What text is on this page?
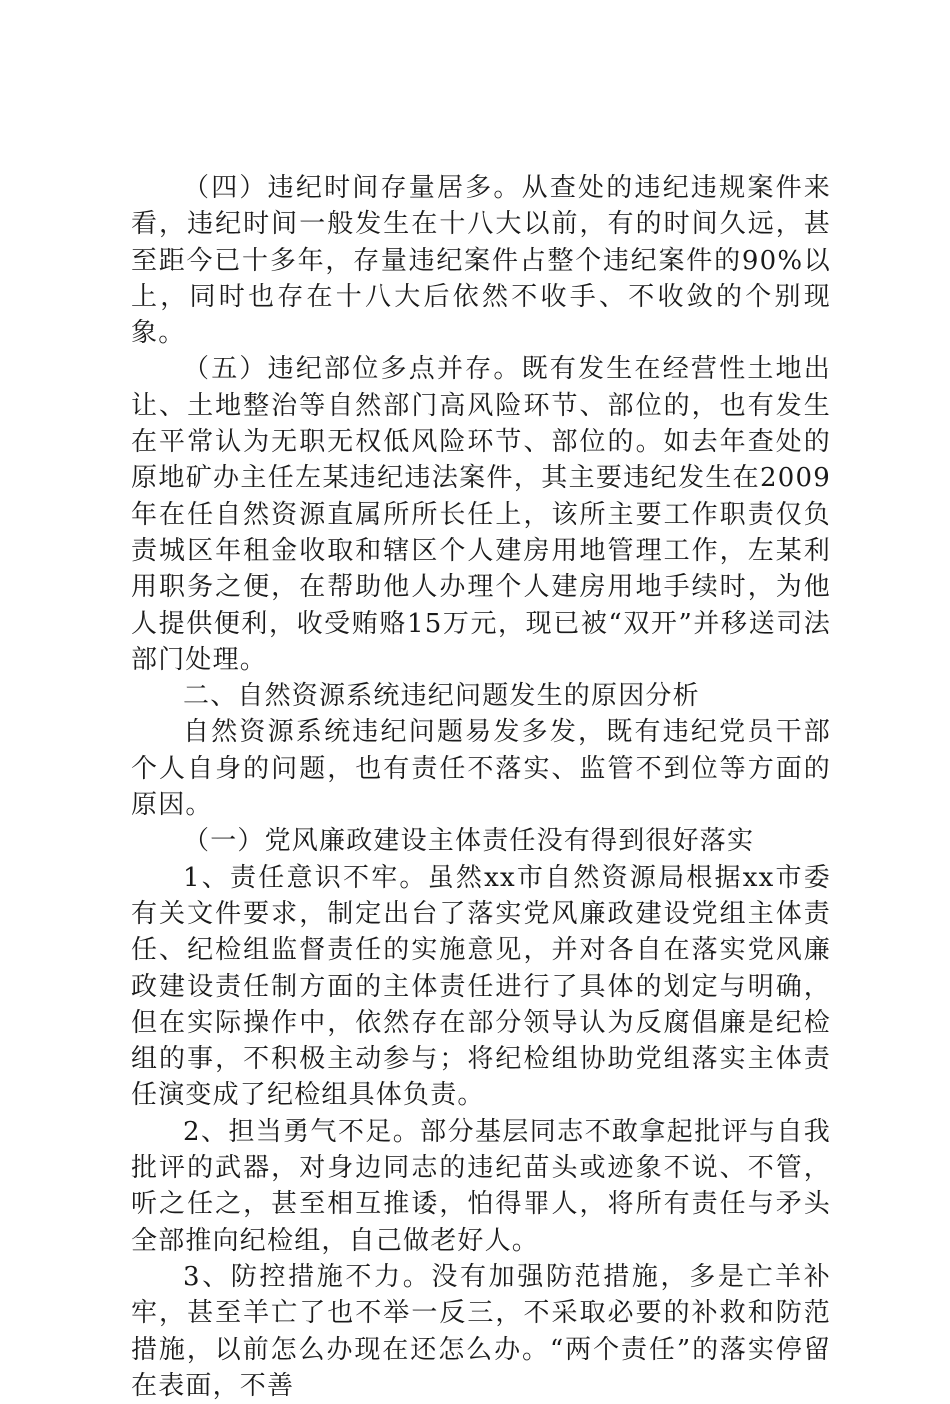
（四）违纪时间存量居多。从查处的违纪违规案件来看，违纪时间一般发生在十八大以前，有的时间久远，甚至距今已十多年，存量违纪案件占整个违纪案件的90%以上，同时也存在十八大后依然不收手、不收敛的个别现象。

（五）违纪部位多点并存。既有发生在经营性土地出让、土地整治等自然部门高风险环节、部位的，也有发生在平常认为无职无权低风险环节、部位的。如去年查处的原地矿办主任左某违纪违法案件，其主要违纪发生在2009年在任自然资源直属所所长任上，该所主要工作职责仅负责城区年租金收取和辖区个人建房用地管理工作，左某利用职务之便，在帮助他人办理个人建房用地手续时，为他人提供便利，收受贿赂15万元，现已被“双开”并移送司法部门处理。

二、自然资源系统违纪问题发生的原因分析

自然资源系统违纪问题易发多发，既有违纪党员干部个人自身的问题，也有责任不落实、监管不到位等方面的原因。

（一）党风廉政建设主体责任没有得到很好落实

1、责任意识不牢。虽然xx市自然资源局根据xx市委有关文件要求，制定出台了落实党风廉政建设党组主体责任、纪检组监督责任的实施意见，并对各自在落实党风廉政建设责任制方面的主体责任进行了具体的划定与明确，但在实际操作中，依然存在部分领导认为反腐倡廉是纪检组的事，不积极主动参与；将纪检组协助党组落实主体责任演变成了纪检组具体负责。

2、担当勇气不足。部分基层同志不敢拿起批评与自我批评的武器，对身边同志的违纪苗头或迹象不说、不管，听之任之，甚至相互推诿，怕得罪人，将所有责任与矛头全部推向纪检组，自己做老好人。

3、防控措施不力。没有加强防范措施，多是亡羊补牢，甚至羊亡了也不举一反三，不采取必要的补救和防范措施，以前怎么办现在还怎么办。“两个责任”的落实停留在表面，不善
